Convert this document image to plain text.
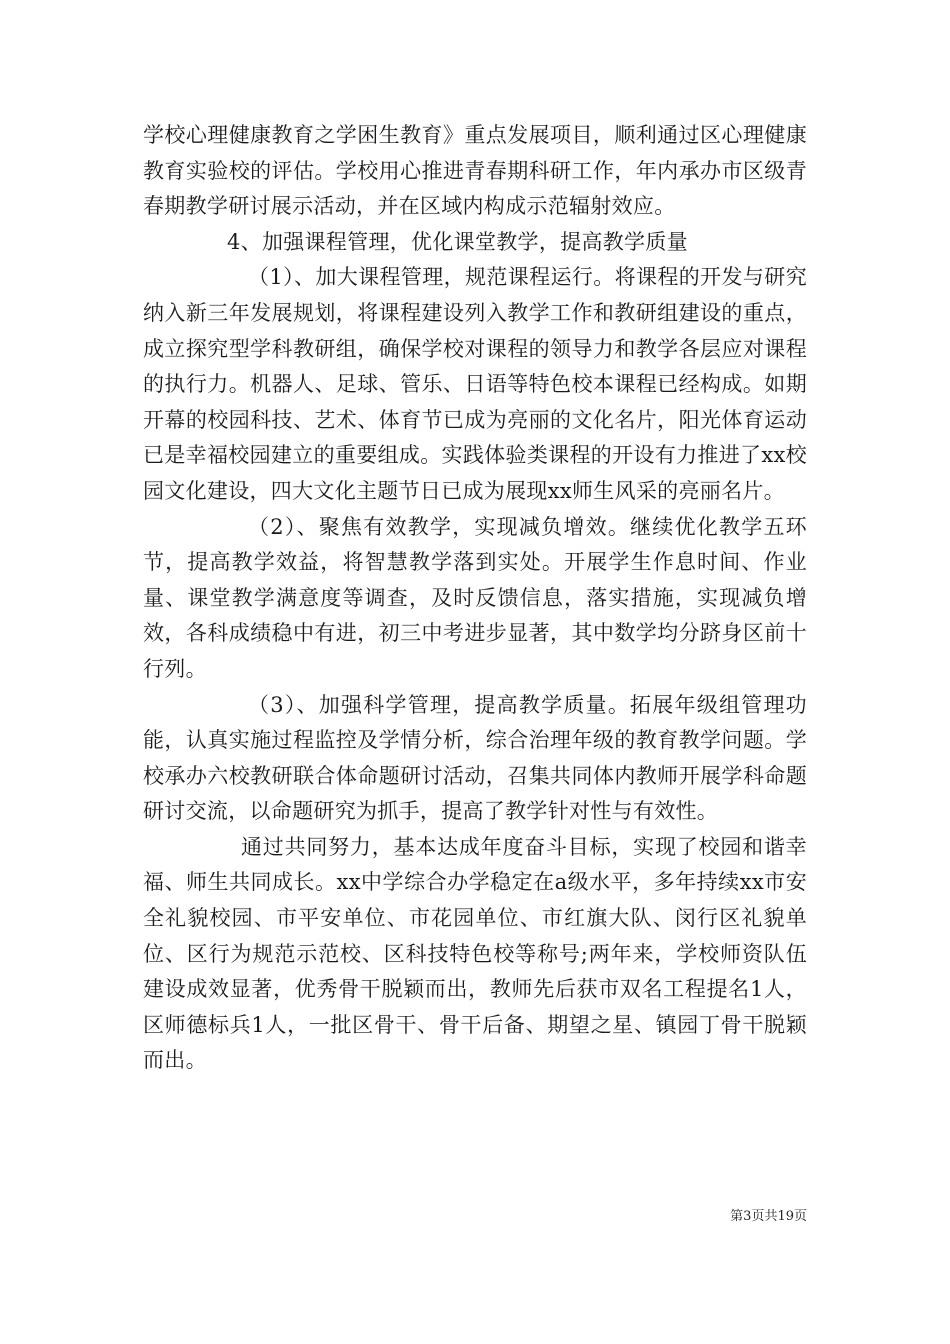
学校心理健康教育之学困生教育》重点发展项目，顺利通过区心理健康教育实验校的评估。学校用心推进青春期科研工作，年内承办市区级青春期教学研讨展示活动，并在区域内构成示范辐射效应。

4、加强课程管理，优化课堂教学，提高教学质量

（1）、加大课程管理，规范课程运行。将课程的开发与研究纳入新三年发展规划，将课程建设列入教学工作和教研组建设的重点，成立探究型学科教研组，确保学校对课程的领导力和教学各层应对课程的执行力。机器人、足球、管乐、日语等特色校本课程已经构成。如期开幕的校园科技、艺术、体育节已成为亮丽的文化名片，阳光体育运动已是幸福校园建立的重要组成。实践体验类课程的开设有力推进了xx校园文化建设，四大文化主题节日已成为展现xx师生风采的亮丽名片。

（2）、聚焦有效教学，实现减负增效。继续优化教学五环节，提高教学效益，将智慧教学落到实处。开展学生作息时间、作业量、课堂教学满意度等调查，及时反馈信息，落实措施，实现减负增效，各科成绩稳中有进，初三中考进步显著，其中数学均分跻身区前十行列。

（3）、加强科学管理，提高教学质量。拓展年级组管理功能，认真实施过程监控及学情分析，综合治理年级的教育教学问题。学校承办六校教研联合体命题研讨活动，召集共同体内教师开展学科命题研讨交流，以命题研究为抓手，提高了教学针对性与有效性。

通过共同努力，基本达成年度奋斗目标，实现了校园和谐幸福、师生共同成长。xx中学综合办学稳定在a级水平，多年持续xx市安全礼貌校园、市平安单位、市花园单位、市红旗大队、闵行区礼貌单位、区行为规范示范校、区科技特色校等称号;两年来，学校师资队伍建设成效显著，优秀骨干脱颖而出，教师先后获市双名工程提名1人，区师德标兵1人，一批区骨干、骨干后备、期望之星、镇园丁骨干脱颖而出。

第3页共19页
